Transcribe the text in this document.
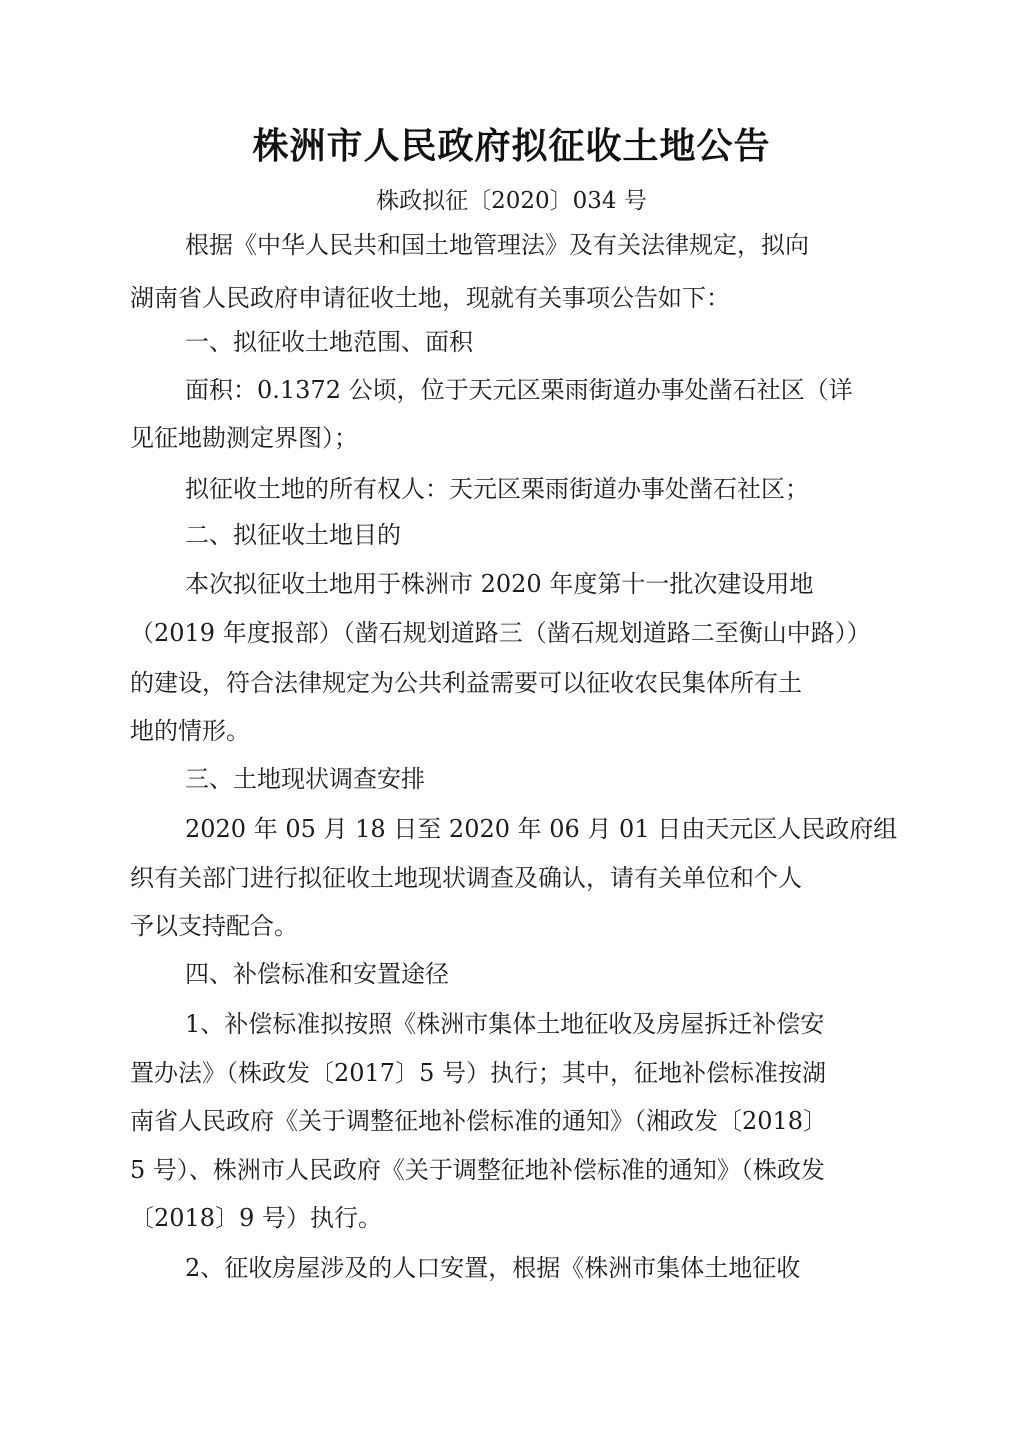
株洲市人民政府拟征收土地公告
株政拟征〔2020〕034 号
根据《中华人民共和国土地管理法》及有关法律规定，拟向
湖南省人民政府申请征收土地，现就有关事项公告如下：
一、拟征收土地范围、面积
面积：0.1372 公顷，位于天元区栗雨街道办事处凿石社区（详
见征地勘测定界图）；
拟征收土地的所有权人：天元区栗雨街道办事处凿石社区；
二、拟征收土地目的
本次拟征收土地用于株洲市 2020 年度第十一批次建设用地
（2019 年度报部）（凿石规划道路三（凿石规划道路二至衡山中路））
的建设，符合法律规定为公共利益需要可以征收农民集体所有土
地的情形。
三、土地现状调查安排
2020 年 05 月 18 日至 2020 年 06 月 01 日由天元区人民政府组
织有关部门进行拟征收土地现状调查及确认，请有关单位和个人
予以支持配合。
四、补偿标准和安置途径
1、补偿标准拟按照《株洲市集体土地征收及房屋拆迁补偿安
置办法》（株政发〔2017〕5 号）执行；其中，征地补偿标准按湖
南省人民政府《关于调整征地补偿标准的通知》（湘政发〔2018〕
5 号）、株洲市人民政府《关于调整征地补偿标准的通知》（株政发
〔2018〕9 号）执行。
2、征收房屋涉及的人口安置，根据《株洲市集体土地征收
